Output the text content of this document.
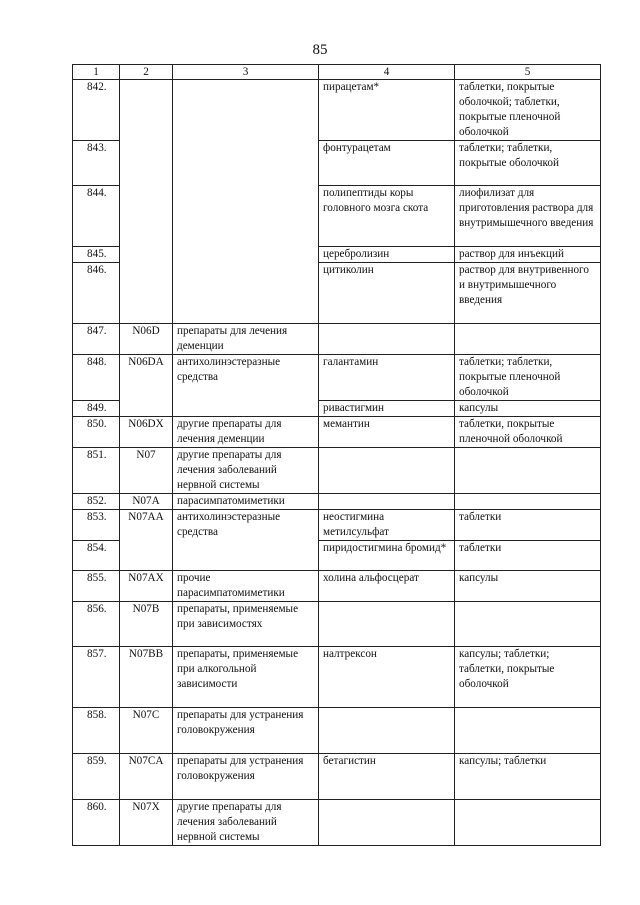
85
1	2	3	4	5
842.			пирацетам*	таблетки, покрытые оболочкой; таблетки, покрытые пленочной оболочкой
843.			фонтурацетам	таблетки; таблетки, покрытые оболочкой
844.			полипептиды коры головного мозга скота	лиофилизат для приготовления раствора для внутримышечного введения
845.			церебролизин	раствор для инъекций
846.			цитиколин	раствор для внутривенного и внутримышечного введения
847.	N06D	препараты для лечения деменции		
848.	N06DA	антихолинэстеразные средства	галантамин	таблетки; таблетки, покрытые пленочной оболочкой
849.			ривастигмин	капсулы
850.	N06DX	другие препараты для лечения деменции	мемантин	таблетки, покрытые пленочной оболочкой
851.	N07	другие препараты для лечения заболеваний нервной системы		
852.	N07A	парасимпатомиметики		
853.	N07AA	антихолинэстеразные средства	неостигмина метилсульфат	таблетки
854.			пиридостигмина бромид*	таблетки
855.	N07AX	прочие парасимпатомиметики	холина альфосцерат	капсулы
856.	N07B	препараты, применяемые при зависимостях		
857.	N07BB	препараты, применяемые при алкогольной зависимости	налтрексон	капсулы; таблетки; таблетки, покрытые оболочкой
858.	N07C	препараты для устранения головокружения		
859.	N07CA	препараты для устранения головокружения	бетагистин	капсулы; таблетки
860.	N07X	другие препараты для лечения заболеваний нервной системы		
